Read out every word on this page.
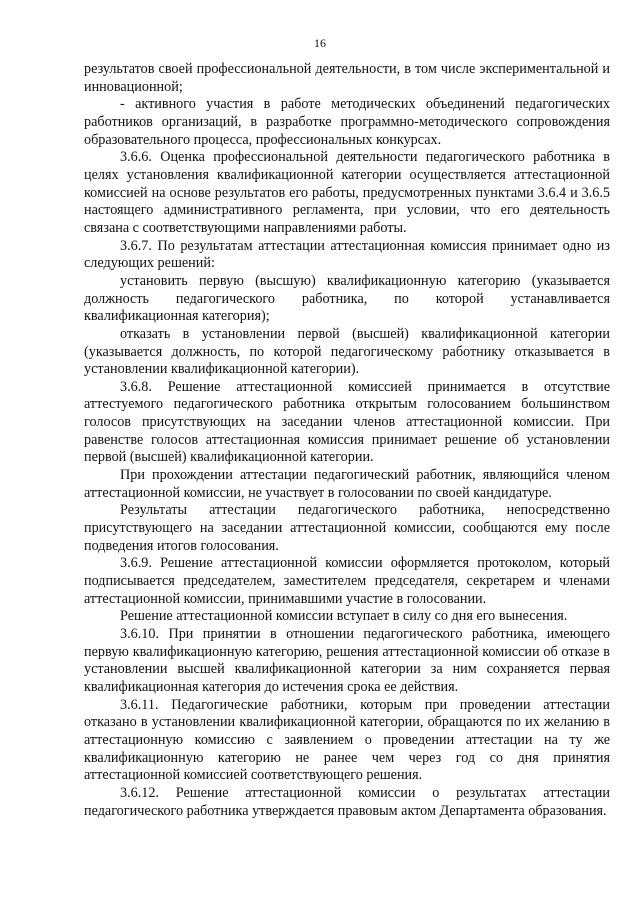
16

результатов своей профессиональной деятельности, в том числе экспериментальной и инновационной;

- активного участия в работе методических объединений педагогических работников организаций, в разработке программно-методического сопровождения образовательного процесса, профессиональных конкурсах.

3.6.6. Оценка профессиональной деятельности педагогического работника в целях установления квалификационной категории осуществляется аттестационной комиссией на основе результатов его работы, предусмотренных пунктами 3.6.4 и 3.6.5 настоящего административного регламента, при условии, что его деятельность связана с соответствующими направлениями работы.

3.6.7. По результатам аттестации аттестационная комиссия принимает одно из следующих решений:

установить первую (высшую) квалификационную категорию (указывается должность педагогического работника, по которой устанавливается квалификационная категория);

отказать в установлении первой (высшей) квалификационной категории (указывается должность, по которой педагогическому работнику отказывается в установлении квалификационной категории).

3.6.8. Решение аттестационной комиссией принимается в отсутствие аттестуемого педагогического работника открытым голосованием большинством голосов присутствующих на заседании членов аттестационной комиссии. При равенстве голосов аттестационная комиссия принимает решение об установлении первой (высшей) квалификационной категории.

При прохождении аттестации педагогический работник, являющийся членом аттестационной комиссии, не участвует в голосовании по своей кандидатуре.

Результаты аттестации педагогического работника, непосредственно присутствующего на заседании аттестационной комиссии, сообщаются ему после подведения итогов голосования.

3.6.9. Решение аттестационной комиссии оформляется протоколом, который подписывается председателем, заместителем председателя, секретарем и членами аттестационной комиссии, принимавшими участие в голосовании.

Решение аттестационной комиссии вступает в силу со дня его вынесения.

3.6.10. При принятии в отношении педагогического работника, имеющего первую квалификационную категорию, решения аттестационной комиссии об отказе в установлении высшей квалификационной категории за ним сохраняется первая квалификационная категория до истечения срока ее действия.

3.6.11. Педагогические работники, которым при проведении аттестации отказано в установлении квалификационной категории, обращаются по их желанию в аттестационную комиссию с заявлением о проведении аттестации на ту же квалификационную категорию не ранее чем через год со дня принятия аттестационной комиссией соответствующего решения.

3.6.12. Решение аттестационной комиссии о результатах аттестации педагогического работника утверждается правовым актом Департамента образования.
